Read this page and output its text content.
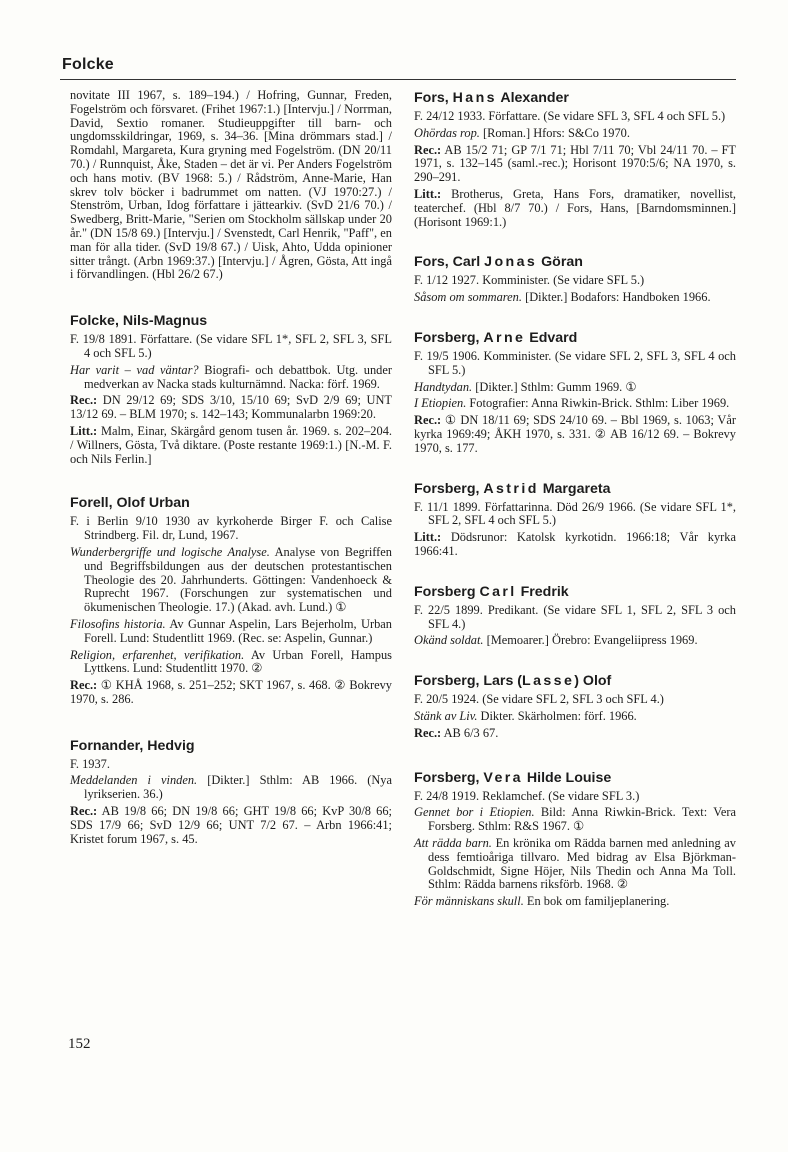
Folcke

novitate III 1967, s. 189–194.) / Hofring, Gunnar, Freden, Fogelström och försvaret. (Frihet 1967:1.) [Intervju.] / Norrman, David, Sextio romaner. Studieuppgifter till barn- och ungdomsskildringar, 1969, s. 34–36. [Mina drömmars stad.] / Romdahl, Margareta, Kura gryning med Fogelström. (DN 20/11 70.) / Runnquist, Åke, Staden – det är vi. Per Anders Fogelström och hans motiv. (BV 1968: 5.) / Rådström, Anne-Marie, Han skrev tolv böcker i badrummet om natten. (VJ 1970:27.) / Stenström, Urban, Idog författare i jättearkiv. (SvD 21/6 70.) / Swedberg, Britt-Marie, "Serien om Stockholm sällskap under 20 år." (DN 15/8 69.) [Intervju.] / Svenstedt, Carl Henrik, "Paff", en man för alla tider. (SvD 19/8 67.) / Uisk, Ahto, Udda opinioner sitter trångt. (Arbn 1969:37.) [Intervju.] / Ågren, Gösta, Att ingå i förvandlingen. (Hbl 26/2 67.)

Folcke, Nils-Magnus

F. 19/8 1891. Författare. (Se vidare SFL 1*, SFL 2, SFL 3, SFL 4 och SFL 5.)

Har varit – vad väntar? Biografi- och debattbok. Utg. under medverkan av Nacka stads kulturnämnd. Nacka: förf. 1969.

Rec.: DN 29/12 69; SDS 3/10, 15/10 69; SvD 2/9 69; UNT 13/12 69. – BLM 1970; s. 142–143; Kommunalarbn 1969:20.

Litt.: Malm, Einar, Skärgård genom tusen år. 1969. s. 202–204. / Willners, Gösta, Två diktare. (Poste restante 1969:1.) [N.-M. F. och Nils Ferlin.]

Forell, Olof Urban

F. i Berlin 9/10 1930 av kyrkoherde Birger F. och Calise Strindberg. Fil. dr, Lund, 1967.

Wunderbergriffe und logische Analyse. Analyse von Begriffen und Begriffsbildungen aus der deutschen protestantischen Theologie des 20. Jahrhunderts. Göttingen: Vandenhoeck & Ruprecht 1967. (Forschungen zur systematischen und ökumenischen Theologie. 17.) (Akad. avh. Lund.) ①

Filosofins historia. Av Gunnar Aspelin, Lars Bejerholm, Urban Forell. Lund: Studentlitt 1969. (Rec. se: Aspelin, Gunnar.)

Religion, erfarenhet, verifikation. Av Urban Forell, Hampus Lyttkens. Lund: Studentlitt 1970. ②

Rec.: ① KHÅ 1968, s. 251–252; SKT 1967, s. 468. ② Bokrevy 1970, s. 286.

Fornander, Hedvig

F. 1937.

Meddelanden i vinden. [Dikter.] Sthlm: AB 1966. (Nya lyrikserien. 36.)

Rec.: AB 19/8 66; DN 19/8 66; GHT 19/8 66; KvP 30/8 66; SDS 17/9 66; SvD 12/9 66; UNT 7/2 67. – Arbn 1966:41; Kristet forum 1967, s. 45.

Fors, Hans Alexander

F. 24/12 1933. Författare. (Se vidare SFL 3, SFL 4 och SFL 5.)

Ohördas rop. [Roman.] Hfors: S&Co 1970.

Rec.: AB 15/2 71; GP 7/1 71; Hbl 7/11 70; Vbl 24/11 70. – FT 1971, s. 132–145 (saml.-rec.); Horisont 1970:5/6; NA 1970, s. 290–291.

Litt.: Brotherus, Greta, Hans Fors, dramatiker, novellist, teaterchef. (Hbl 8/7 70.) / Fors, Hans, [Barndomsminnen.] (Horisont 1969:1.)

Fors, Carl Jonas Göran

F. 1/12 1927. Komminister. (Se vidare SFL 5.)

Såsom om sommaren. [Dikter.] Bodafors: Handboken 1966.

Forsberg, Arne Edvard

F. 19/5 1906. Komminister. (Se vidare SFL 2, SFL 3, SFL 4 och SFL 5.)

Handtydan. [Dikter.] Sthlm: Gumm 1969. ①

I Etiopien. Fotografier: Anna Riwkin-Brick. Sthlm: Liber 1969.

Rec.: ① DN 18/11 69; SDS 24/10 69. – Bbl 1969, s. 1063; Vår kyrka 1969:49; ÅKH 1970, s. 331. ② AB 16/12 69. – Bokrevy 1970, s. 177.

Forsberg, Astrid Margareta

F. 11/1 1899. Författarinna. Död 26/9 1966. (Se vidare SFL 1*, SFL 2, SFL 4 och SFL 5.)

Litt.: Dödsrunor: Katolsk kyrkotidn. 1966:18; Vår kyrka 1966:41.

Forsberg Carl Fredrik

F. 22/5 1899. Predikant. (Se vidare SFL 1, SFL 2, SFL 3 och SFL 4.)

Okänd soldat. [Memoarer.] Örebro: Evangeliipress 1969.

Forsberg, Lars (Lasse) Olof

F. 20/5 1924. (Se vidare SFL 2, SFL 3 och SFL 4.)

Stänk av Liv. Dikter. Skärholmen: förf. 1966.

Rec.: AB 6/3 67.

Forsberg, Vera Hilde Louise

F. 24/8 1919. Reklamchef. (Se vidare SFL 3.)

Gennet bor i Etiopien. Bild: Anna Riwkin-Brick. Text: Vera Forsberg. Sthlm: R&S 1967. ①

Att rädda barn. En krönika om Rädda barnen med anledning av dess femtioåriga tillvaro. Med bidrag av Elsa Björkman-Goldschmidt, Signe Höjer, Nils Thedin och Anna Ma Toll. Sthlm: Rädda barnens riksförb. 1968. ②

För människans skull. En bok om familjeplanering.

152
